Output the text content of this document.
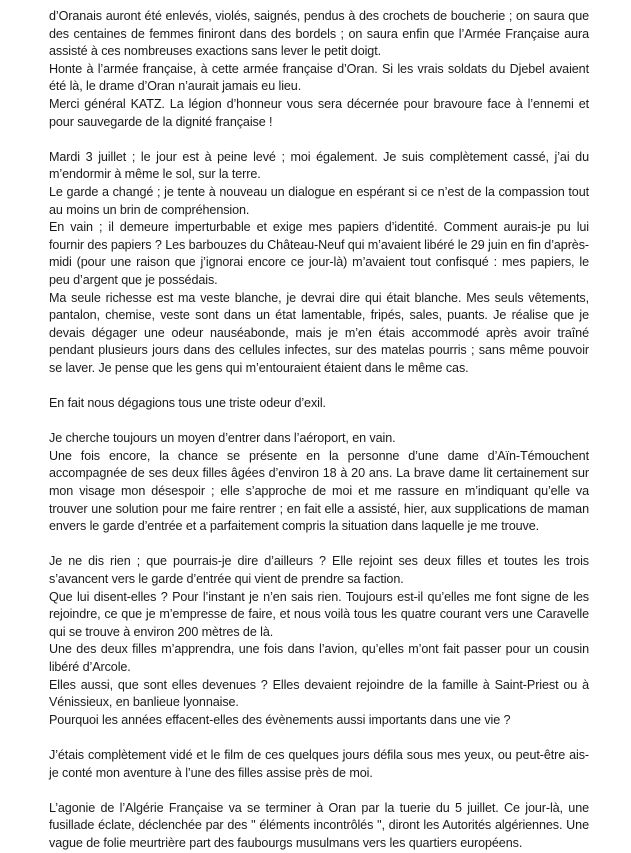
d’Oranais auront été enlevés, violés, saignés, pendus à des crochets de boucherie ; on saura que des centaines de femmes finiront dans des bordels ; on saura enfin que l’Armée Française aura assisté à ces nombreuses exactions sans lever le petit doigt.

Honte à l’armée française, à cette armée française d’Oran. Si les vrais soldats du Djebel avaient été là, le drame d’Oran n’aurait jamais eu lieu.

Merci général KATZ. La légion d’honneur vous sera décernée pour bravoure face à l’ennemi et pour sauvegarde de la dignité française !

Mardi 3 juillet ; le jour est à peine levé ; moi également. Je suis complètement cassé, j’ai du m’endormir à même le sol, sur la terre.

Le garde a changé ; je tente à nouveau un dialogue en espérant si ce n’est de la compassion tout au moins un brin de compréhension.

En vain ; il demeure imperturbable et exige mes papiers d’identité. Comment aurais-je pu lui fournir des papiers ? Les barbouzes du Château-Neuf qui m’avaient libéré le 29 juin en fin d’après-midi (pour une raison que j’ignorai encore ce jour-là) m’avaient tout confisqué : mes papiers, le peu d’argent que je possédais.

Ma seule richesse est ma veste blanche, je devrai dire qui était blanche. Mes seuls vêtements, pantalon, chemise, veste sont dans un état lamentable, fripés, sales, puants. Je réalise que je devais dégager une odeur nauséabonde, mais je m’en étais accommodé après avoir traîné pendant plusieurs jours dans des cellules infectes, sur des matelas pourris ; sans même pouvoir se laver. Je pense que les gens qui m’entouraient étaient dans le même cas.

En fait nous dégagions tous une triste odeur d’exil.

Je cherche toujours un moyen d’entrer dans l’aéroport, en vain.

Une fois encore, la chance se présente en la personne d’une dame d’Aïn-Témouchent accompagnée de ses deux filles âgées d’environ 18 à 20 ans. La brave dame lit certainement sur mon visage mon désespoir ; elle s’approche de moi et me rassure en m’indiquant qu’elle va trouver une solution pour me faire rentrer ; en fait elle a assisté, hier, aux supplications de maman envers le garde d’entrée et a parfaitement compris la situation dans laquelle je me trouve.

Je ne dis rien ; que pourrais-je dire d’ailleurs ? Elle rejoint ses deux filles et toutes les trois s’avancent vers le garde d’entrée qui vient de prendre sa faction.

Que lui disent-elles ? Pour l’instant je n’en sais rien. Toujours est-il qu’elles me font signe de les rejoindre, ce que je m’empresse de faire, et nous voilà tous les quatre courant vers une Caravelle qui se trouve à environ 200 mètres de là.

Une des deux filles m’apprendra, une fois dans l’avion, qu’elles m’ont fait passer pour un cousin libéré d’Arcole.

Elles aussi, que sont elles devenues ? Elles devaient rejoindre de la famille à Saint-Priest ou à Vénissieux, en banlieue lyonnaise.

Pourquoi les années effacent-elles des évènements aussi importants dans une vie ?

J’étais complètement vidé et le film de ces quelques jours défila sous mes yeux, ou peut-être ais-je conté mon aventure à l’une des filles assise près de moi.

L’agonie de l’Algérie Française va se terminer à Oran par la tuerie du 5 juillet. Ce jour-là, une fusillade éclate, déclenchée par des " éléments incontrôlés ", diront les Autorités algériennes. Une vague de folie meurtrière part des faubourgs musulmans vers les quartiers européens.
